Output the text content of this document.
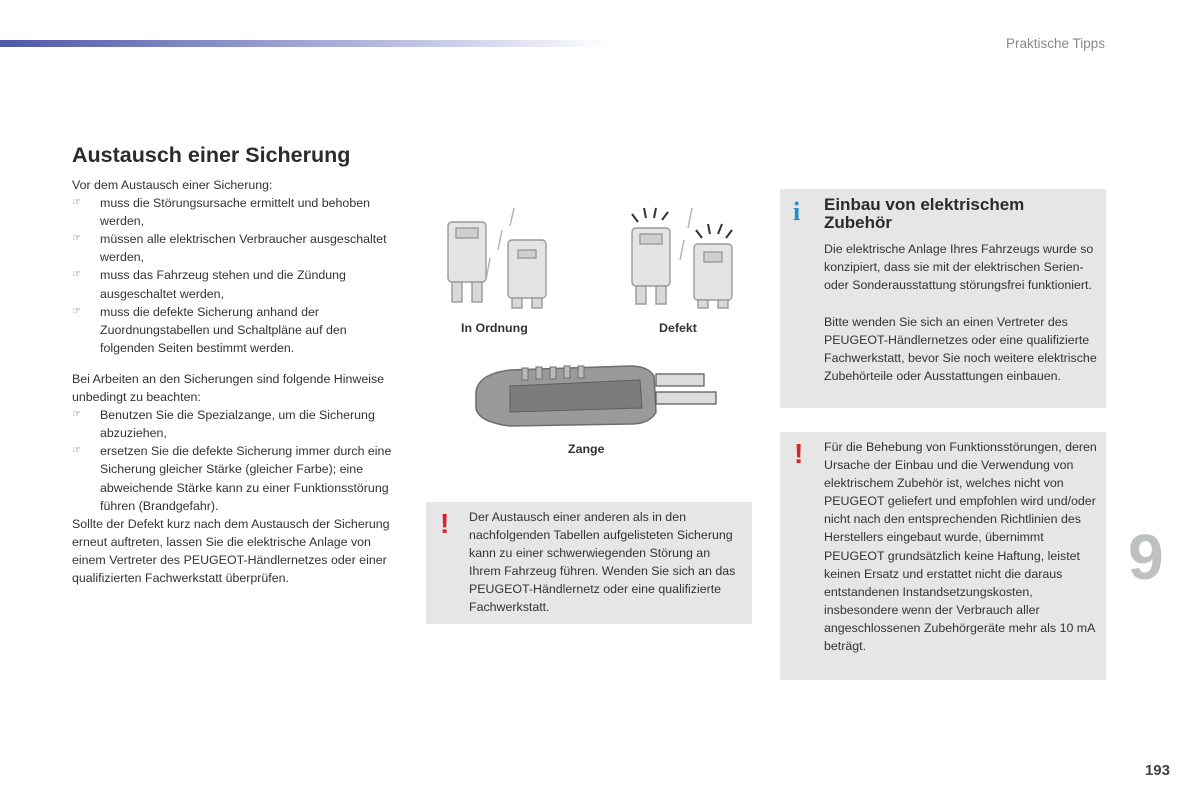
Praktische Tipps
Austausch einer Sicherung

Vor dem Austausch einer Sicherung:

☞ muss die Störungsursache ermittelt und behoben werden,
☞ müssen alle elektrischen Verbraucher ausgeschaltet werden,
☞ muss das Fahrzeug stehen und die Zündung ausgeschaltet werden,
☞ muss die defekte Sicherung anhand der Zuordnungstabellen und Schaltpläne auf den folgenden Seiten bestimmt werden.

Bei Arbeiten an den Sicherungen sind folgende Hinweise unbedingt zu beachten:

☞ Benutzen Sie die Spezialzange, um die Sicherung abzuziehen,
☞ ersetzen Sie die defekte Sicherung immer durch eine Sicherung gleicher Stärke (gleicher Farbe); eine abweichende Stärke kann zu einer Funktionsstörung führen (Brandgefahr).

Sollte der Defekt kurz nach dem Austausch der Sicherung erneut auftreten, lassen Sie die elektrische Anlage von einem Vertreter des PEUGEOT-Händlernetzes oder einer qualifizierten Fachwerkstatt überprüfen.

In Ordnung	Defekt
Zange
! Der Austausch einer anderen als in den nachfolgenden Tabellen aufgelisteten Sicherung kann zu einer schwerwiegenden Störung an Ihrem Fahrzeug führen. Wenden Sie sich an das PEUGEOT-Händlernetz oder eine qualifizierte Fachwerkstatt.

i Einbau von elektrischem Zubehör

Die elektrische Anlage Ihres Fahrzeugs wurde so konzipiert, dass sie mit der elektrischen Serien- oder Sonderausstattung störungsfrei funktioniert.

Bitte wenden Sie sich an einen Vertreter des PEUGEOT-Händlernetzes oder eine qualifizierte Fachwerkstatt, bevor Sie noch weitere elektrische Zubehörteile oder Ausstattungen einbauen.

! Für die Behebung von Funktionsstörungen, deren Ursache der Einbau und die Verwendung von elektrischem Zubehör ist, welches nicht von PEUGEOT geliefert und empfohlen wird und/oder nicht nach den entsprechenden Richtlinien des Herstellers eingebaut wurde, übernimmt PEUGEOT grundsätzlich keine Haftung, leistet keinen Ersatz und erstattet nicht die daraus entstandenen Instandsetzungskosten, insbesondere wenn der Verbrauch aller angeschlossenen Zubehörgeräte mehr als 10 mA beträgt.

9
193
